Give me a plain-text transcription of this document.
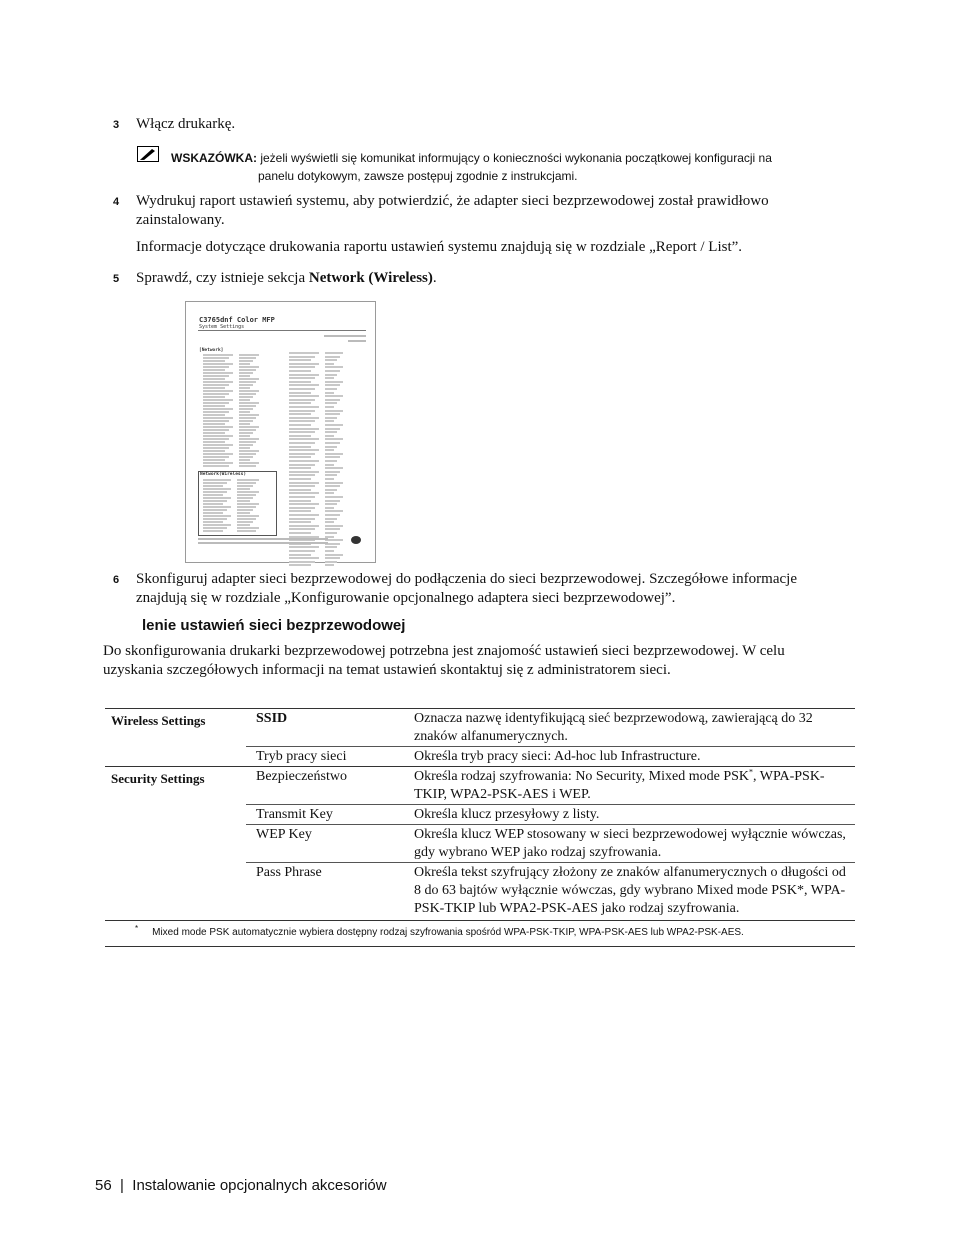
3 Włącz drukarkę.
WSKAZÓWKA: jeżeli wyświetli się komunikat informujący o konieczności wykonania początkowej konfiguracji na
panelu dotykowym, zawsze postępuj zgodnie z instrukcjami.
4 Wydrukuj raport ustawień systemu, aby potwierdzić, że adapter sieci bezprzewodowej został prawidłowo
zainstalowany.
Informacje dotyczące drukowania raportu ustawień systemu znajdują się w rozdziale „Report / List”.
5 Sprawdź, czy istnieje sekcja Network (Wireless).
C3765dnf Color MFP
System Settings
[Network]
Network(Wireless)
6 Skonfiguruj adapter sieci bezprzewodowej do podłączenia do sieci bezprzewodowej. Szczegółowe informacje
znajdują się w rozdziale „Konfigurowanie opcjonalnego adaptera sieci bezprzewodowej”.
lenie ustawień sieci bezprzewodowej
Do skonfigurowania drukarki bezprzewodowej potrzebna jest znajomość ustawień sieci bezprzewodowej. W celu
uzyskania szczegółowych informacji na temat ustawień skontaktuj się z administratorem sieci.
Wireless Settings	SSID	Oznacza nazwę identyfikującą sieć bezprzewodową, zawierającą do 32 znaków alfanumerycznych.
	Tryb pracy sieci	Określa tryb pracy sieci: Ad-hoc lub Infrastructure.
Security Settings	Bezpieczeństwo	Określa rodzaj szyfrowania: No Security, Mixed mode PSK*, WPA-PSK-TKIP, WPA2-PSK-AES i WEP.
	Transmit Key	Określa klucz przesyłowy z listy.
	WEP Key	Określa klucz WEP stosowany w sieci bezprzewodowej wyłącznie wówczas, gdy wybrano WEP jako rodzaj szyfrowania.
	Pass Phrase	Określa tekst szyfrujący złożony ze znaków alfanumerycznych o długości od 8 do 63 bajtów wyłącznie wówczas, gdy wybrano Mixed mode PSK*, WPA-PSK-TKIP lub WPA2-PSK-AES jako rodzaj szyfrowania.
* Mixed mode PSK automatycznie wybiera dostępny rodzaj szyfrowania spośród WPA-PSK-TKIP, WPA-PSK-AES lub WPA2-PSK-AES.		
56 | Instalowanie opcjonalnych akcesoriów
